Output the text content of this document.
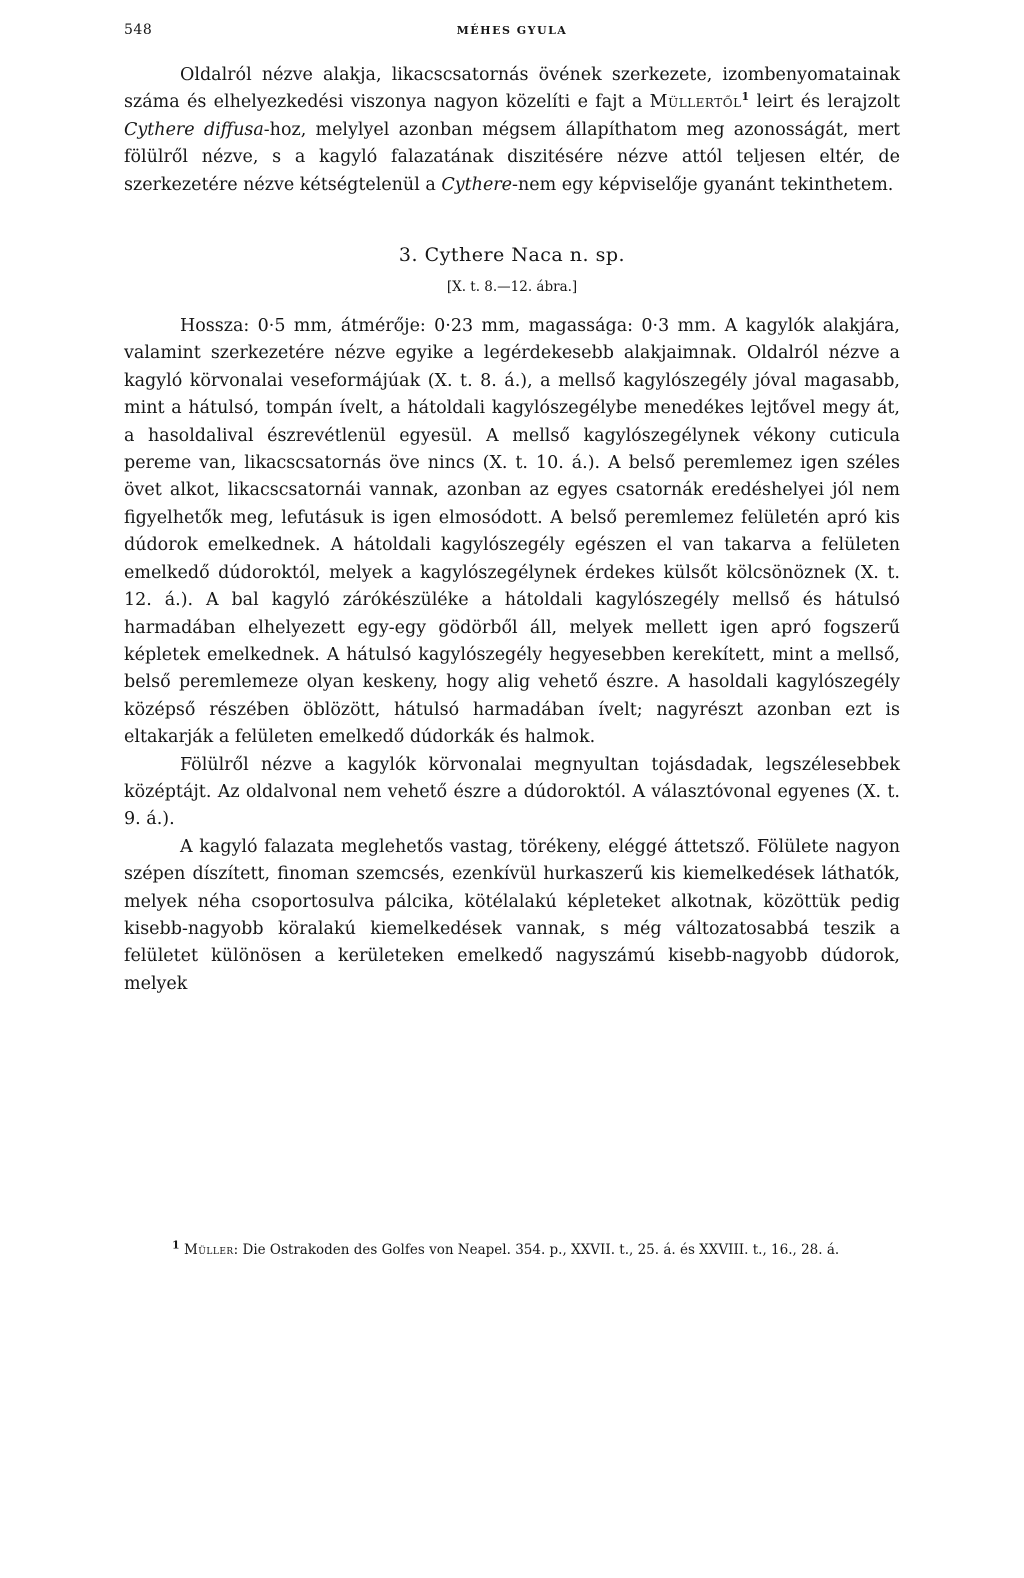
548	MÉHES GYULA

Oldalról nézve alakja, likacscsatornás övének szerkezete, izombenyomatainak száma és elhelyezkedési viszonya nagyon közelíti e fajt a Müllertől$^1$ leirt és lerajzolt Cythere diffusa-hoz, melylyel azonban mégsem állapíthatom meg azonosságát, mert fölülről nézve, s a kagyló falazatának diszitésére nézve attól teljesen eltér, de szerkezetére nézve kétségtelenül a Cythere-nem egy képviselője gyanánt tekinthetem.

3. Cythere Naca n. sp.
[X. t. 8.—12. ábra.]

Hossza: 0·5 mm, átmérője: 0·23 mm, magassága: 0·3 mm. A kagylók alakjára, valamint szerkezetére nézve egyike a legérdekesebb alakjaimnak. Oldalról nézve a kagyló körvonalai veseformájúak (X. t. 8. á.), a mellső kagylószegély jóval magasabb, mint a hátulsó, tompán ívelt, a hátoldali kagylószegélybe menedékes lejtővel megy át, a hasoldalival észrevétlenül egyesül. A mellső kagylószegélynek vékony cuticula pereme van, likacscsatornás öve nincs (X. t. 10. á.). A belső peremlemez igen széles övet alkot, likacscsatornái vannak, azonban az egyes csatornák eredéshelyei jól nem figyelhetők meg, lefutásuk is igen elmosódott. A belső peremlemez felületén apró kis dúdorok emelkednek. A hátoldali kagylószegély egészen el van takarva a felületen emelkedő dúdoroktól, melyek a kagylószegélynek érdekes külsőt kölcsönöznek (X. t. 12. á.). A bal kagyló zárókészüléke a hátoldali kagylószegély mellső és hátulsó harmadában elhelyezett egy-egy gödörből áll, melyek mellett igen apró fogszerű képletek emelkednek. A hátulsó kagylószegély hegyesebben kerekített, mint a mellső, belső peremlemeze olyan keskeny, hogy alig vehető észre. A hasoldali kagylószegély középső részében öblözött, hátulsó harmadában ívelt; nagyrészt azonban ezt is eltakarják a felületen emelkedő dúdorkák és halmok.

Fölülről nézve a kagylók körvonalai megnyultan tojásdadak, legszélesebbek középtájt. Az oldalvonal nem vehető észre a dúdoroktól. A választóvonal egyenes (X. t. 9. á.).

A kagyló falazata meglehetős vastag, törékeny, eléggé áttetsző. Fölülete nagyon szépen díszített, finoman szemcsés, ezenkívül hurkaszerű kis kiemelkedések láthatók, melyek néha csoportosulva pálcika, kötélalakú képleteket alkotnak, közöttük pedig kisebb-nagyobb köralakú kiemelkedések vannak, s még változatosabbá teszik a felületet különösen a kerületeken emelkedő nagyszámú kisebb-nagyobb dúdorok, melyek

$^1$ Müller: Die Ostrakoden des Golfes von Neapel. 354. p., XXVII. t., 25. á. és XXVIII. t., 16., 28. á.
